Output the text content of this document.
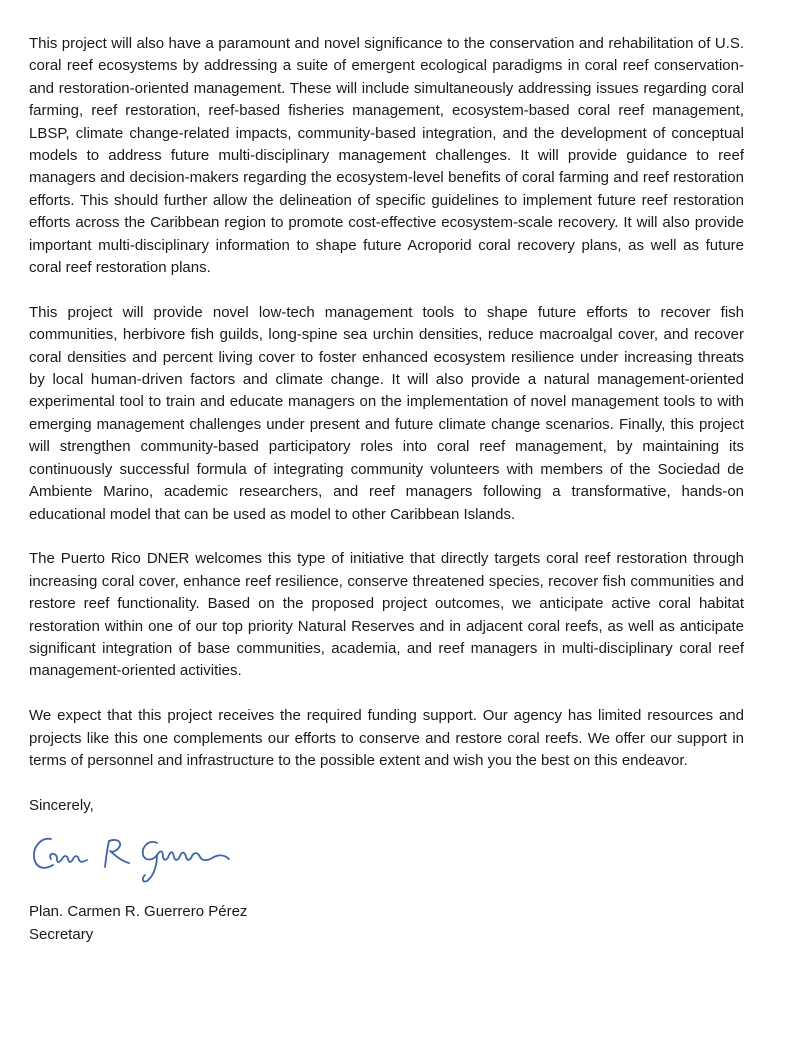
This project will also have a paramount and novel significance to the conservation and rehabilitation of U.S. coral reef ecosystems by addressing a suite of emergent ecological paradigms in coral reef conservation- and restoration-oriented management. These will include simultaneously addressing issues regarding coral farming, reef restoration, reef-based fisheries management, ecosystem-based coral reef management, LBSP, climate change-related impacts, community-based integration, and the development of conceptual models to address future multi-disciplinary management challenges. It will provide guidance to reef managers and decision-makers regarding the ecosystem-level benefits of coral farming and reef restoration efforts. This should further allow the delineation of specific guidelines to implement future reef restoration efforts across the Caribbean region to promote cost-effective ecosystem-scale recovery. It will also provide important multi-disciplinary information to shape future Acroporid coral recovery plans, as well as future coral reef restoration plans.

This project will provide novel low-tech management tools to shape future efforts to recover fish communities, herbivore fish guilds, long-spine sea urchin densities, reduce macroalgal cover, and recover coral densities and percent living cover to foster enhanced ecosystem resilience under increasing threats by local human-driven factors and climate change. It will also provide a natural management-oriented experimental tool to train and educate managers on the implementation of novel management tools to with emerging management challenges under present and future climate change scenarios. Finally, this project will strengthen community-based participatory roles into coral reef management, by maintaining its continuously successful formula of integrating community volunteers with members of the Sociedad de Ambiente Marino, academic researchers, and reef managers following a transformative, hands-on educational model that can be used as model to other Caribbean Islands.

The Puerto Rico DNER welcomes this type of initiative that directly targets coral reef restoration through increasing coral cover, enhance reef resilience, conserve threatened species, recover fish communities and restore reef functionality. Based on the proposed project outcomes, we anticipate active coral habitat restoration within one of our top priority Natural Reserves and in adjacent coral reefs, as well as anticipate significant integration of base communities, academia, and reef managers in multi-disciplinary coral reef management-oriented activities.

We expect that this project receives the required funding support. Our agency has limited resources and projects like this one complements our efforts to conserve and restore coral reefs. We offer our support in terms of personnel and infrastructure to the possible extent and wish you the best on this endeavor.

Sincerely,

Plan. Carmen R. Guerrero Pérez

Secretary
